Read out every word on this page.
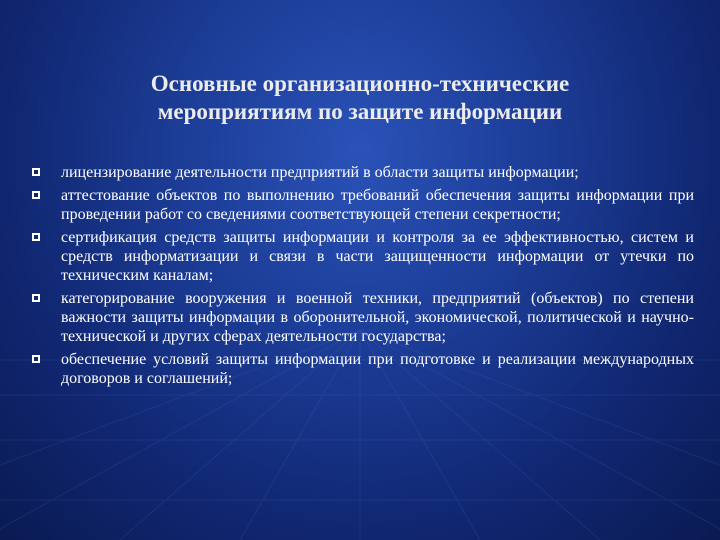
Основные организационно-технические
мероприятиям по защите информации
лицензирование деятельности предприятий в области защиты информации;
аттестование объектов по выполнению требований обеспечения защиты информации при проведении работ со сведениями соответствующей степени секретности;
сертификация средств защиты информации и контроля за ее эффективностью, систем и средств информатизации и связи в части защищенности информации от утечки по техническим каналам;
категорирование вооружения и военной техники, предприятий (объектов) по степени важности защиты информации в оборонительной, экономической, политической и научно-технической и других сферах деятельности государства;
обеспечение условий защиты информации при подготовке и реализации международных договоров и соглашений;
